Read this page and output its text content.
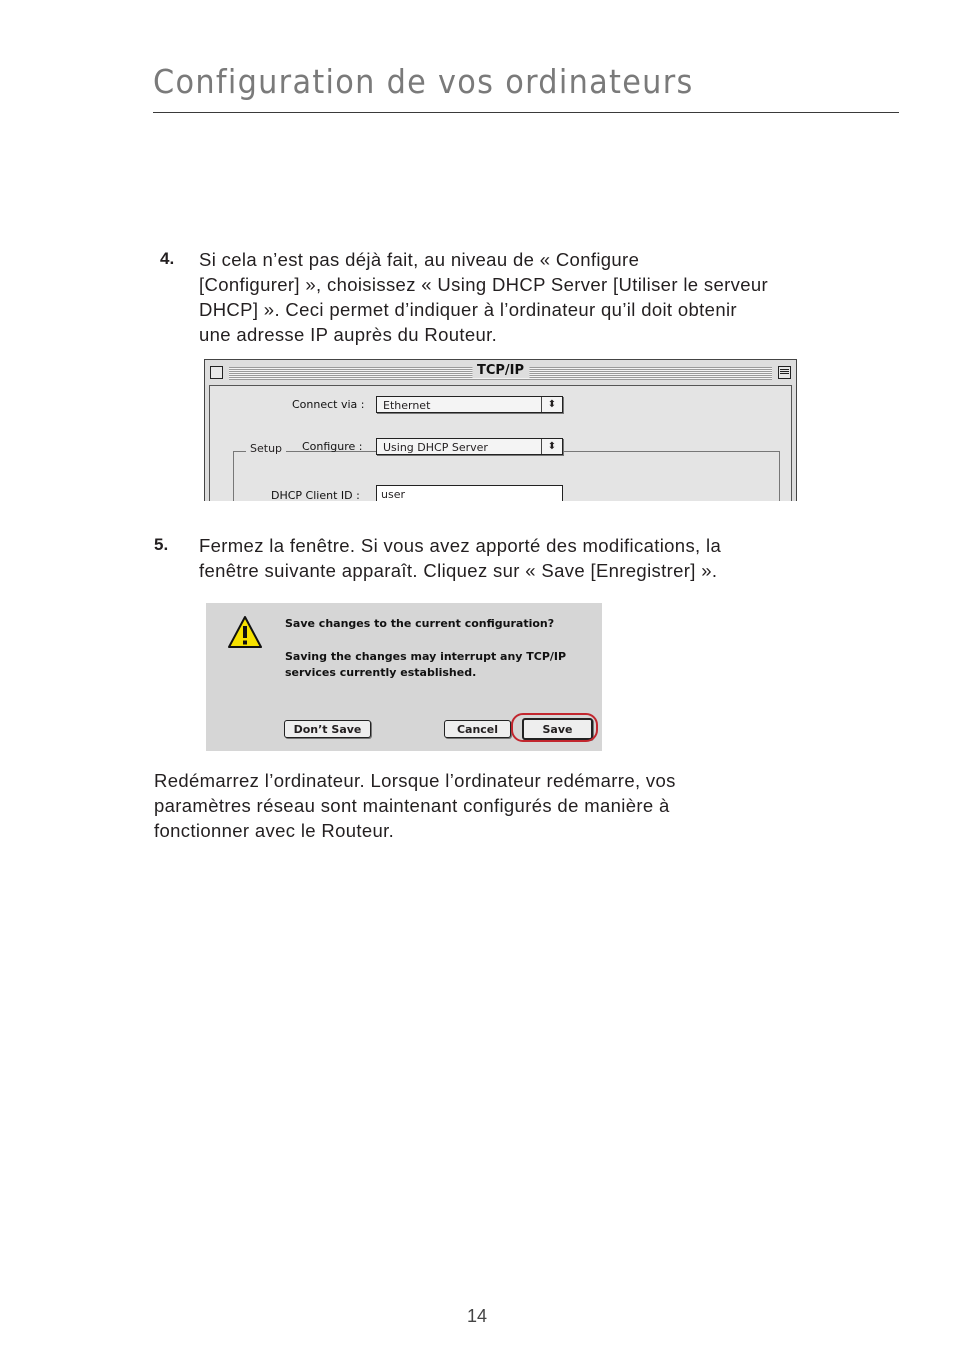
Configuration de vos ordinateurs
4. Si cela n’est pas déjà fait, au niveau de « Configure
[Configurer] », choisissez « Using DHCP Server [Utiliser le serveur
DHCP] ». Ceci permet d’indiquer à l’ordinateur qu’il doit obtenir
une adresse IP auprès du Routeur.
TCP/IP
Connect via :	Ethernet	⬍
Setup	Configure :	Using DHCP Server	⬍
DHCP Client ID :	user
5. Fermez la fenêtre. Si vous avez apporté des modifications, la
fenêtre suivante apparaît. Cliquez sur « Save [Enregistrer] ».
Save changes to the current configuration?
Saving the changes may interrupt any TCP/IP
services currently established.
Don’t Save	Cancel	Save
Redémarrez l’ordinateur. Lorsque l’ordinateur redémarre, vos
paramètres réseau sont maintenant configurés de manière à
fonctionner avec le Routeur.
14
